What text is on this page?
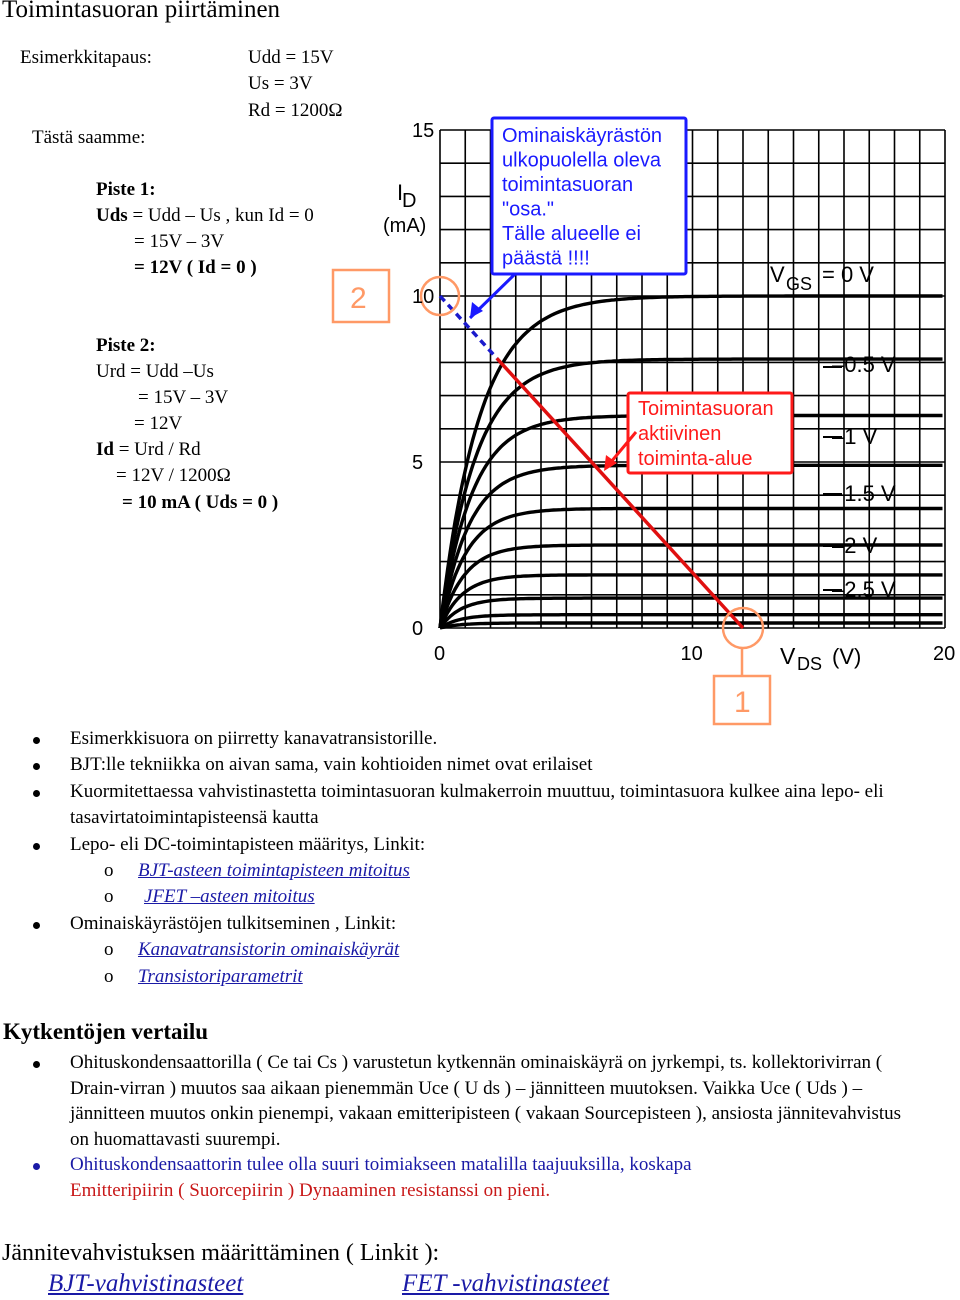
Toimintasuoran piirtäminen
Esimerkkitapaus:	Udd = 15V
Us = 3V
Rd = 1200Ω
Tästä saamme:
Piste 1:
Uds = Udd – Us , kun Id = 0
= 15V – 3V
= 12V ( Id = 0 )
Piste 2:
Urd = Udd –Us
= 15V – 3V
= 12V
Id = Urd / Rd
= 12V / 1200Ω
= 10 mA ( Uds = 0 )
2
1
Ominaiskäyrästön
ulkopuolella oleva
toimintasuoran
"osa."
Tälle alueelle ei
päästä !!!!
Toimintasuoran
aktiivinen
toiminta-alue
15
10
5
0
0	10	20
I
D
(mA)
V DS (V)
V GS = 0 V
–0.5 V
–1 V
–1.5 V
–2 V
–2.5 V
Esimerkkisuora on piirretty kanavatransistorille.
BJT:lle tekniikka on aivan sama, vain kohtioiden nimet ovat erilaiset
Kuormitettaessa vahvistinastetta toimintasuoran kulmakerroin muuttuu, toimintasuora kulkee aina lepo- eli tasavirtatoimintapisteensä kautta
Lepo- eli DC-toimintapisteen määritys, Linkit:
o BJT-asteen toimintapisteen mitoitus
o JFET –asteen mitoitus
Ominaiskäyrästöjen tulkitseminen , Linkit:
o Kanavatransistorin ominaiskäyrät
o Transistoriparametrit
Kytkentöjen vertailu
Ohituskondensaattorilla ( Ce tai Cs ) varustetun kytkennän ominaiskäyrä on jyrkempi, ts. kollektorivirran ( Drain-virran ) muutos saa aikaan pienemmän Uce ( U ds ) – jännitteen muutoksen. Vaikka Uce ( Uds ) –jännitteen muutos onkin pienempi, vakaan emitteripisteen ( vakaan Sourcepisteen ), ansiosta jännitevahvistus on huomattavasti suurempi.
Ohituskondensaattorin tulee olla suuri toimiakseen matalilla taajuuksilla, koskapa
Emitteripiirin ( Suorcepiirin ) Dynaaminen resistanssi on pieni.
Jännitevahvistuksen määrittäminen ( Linkit ):
BJT-vahvistinasteet	FET -vahvistinasteet
